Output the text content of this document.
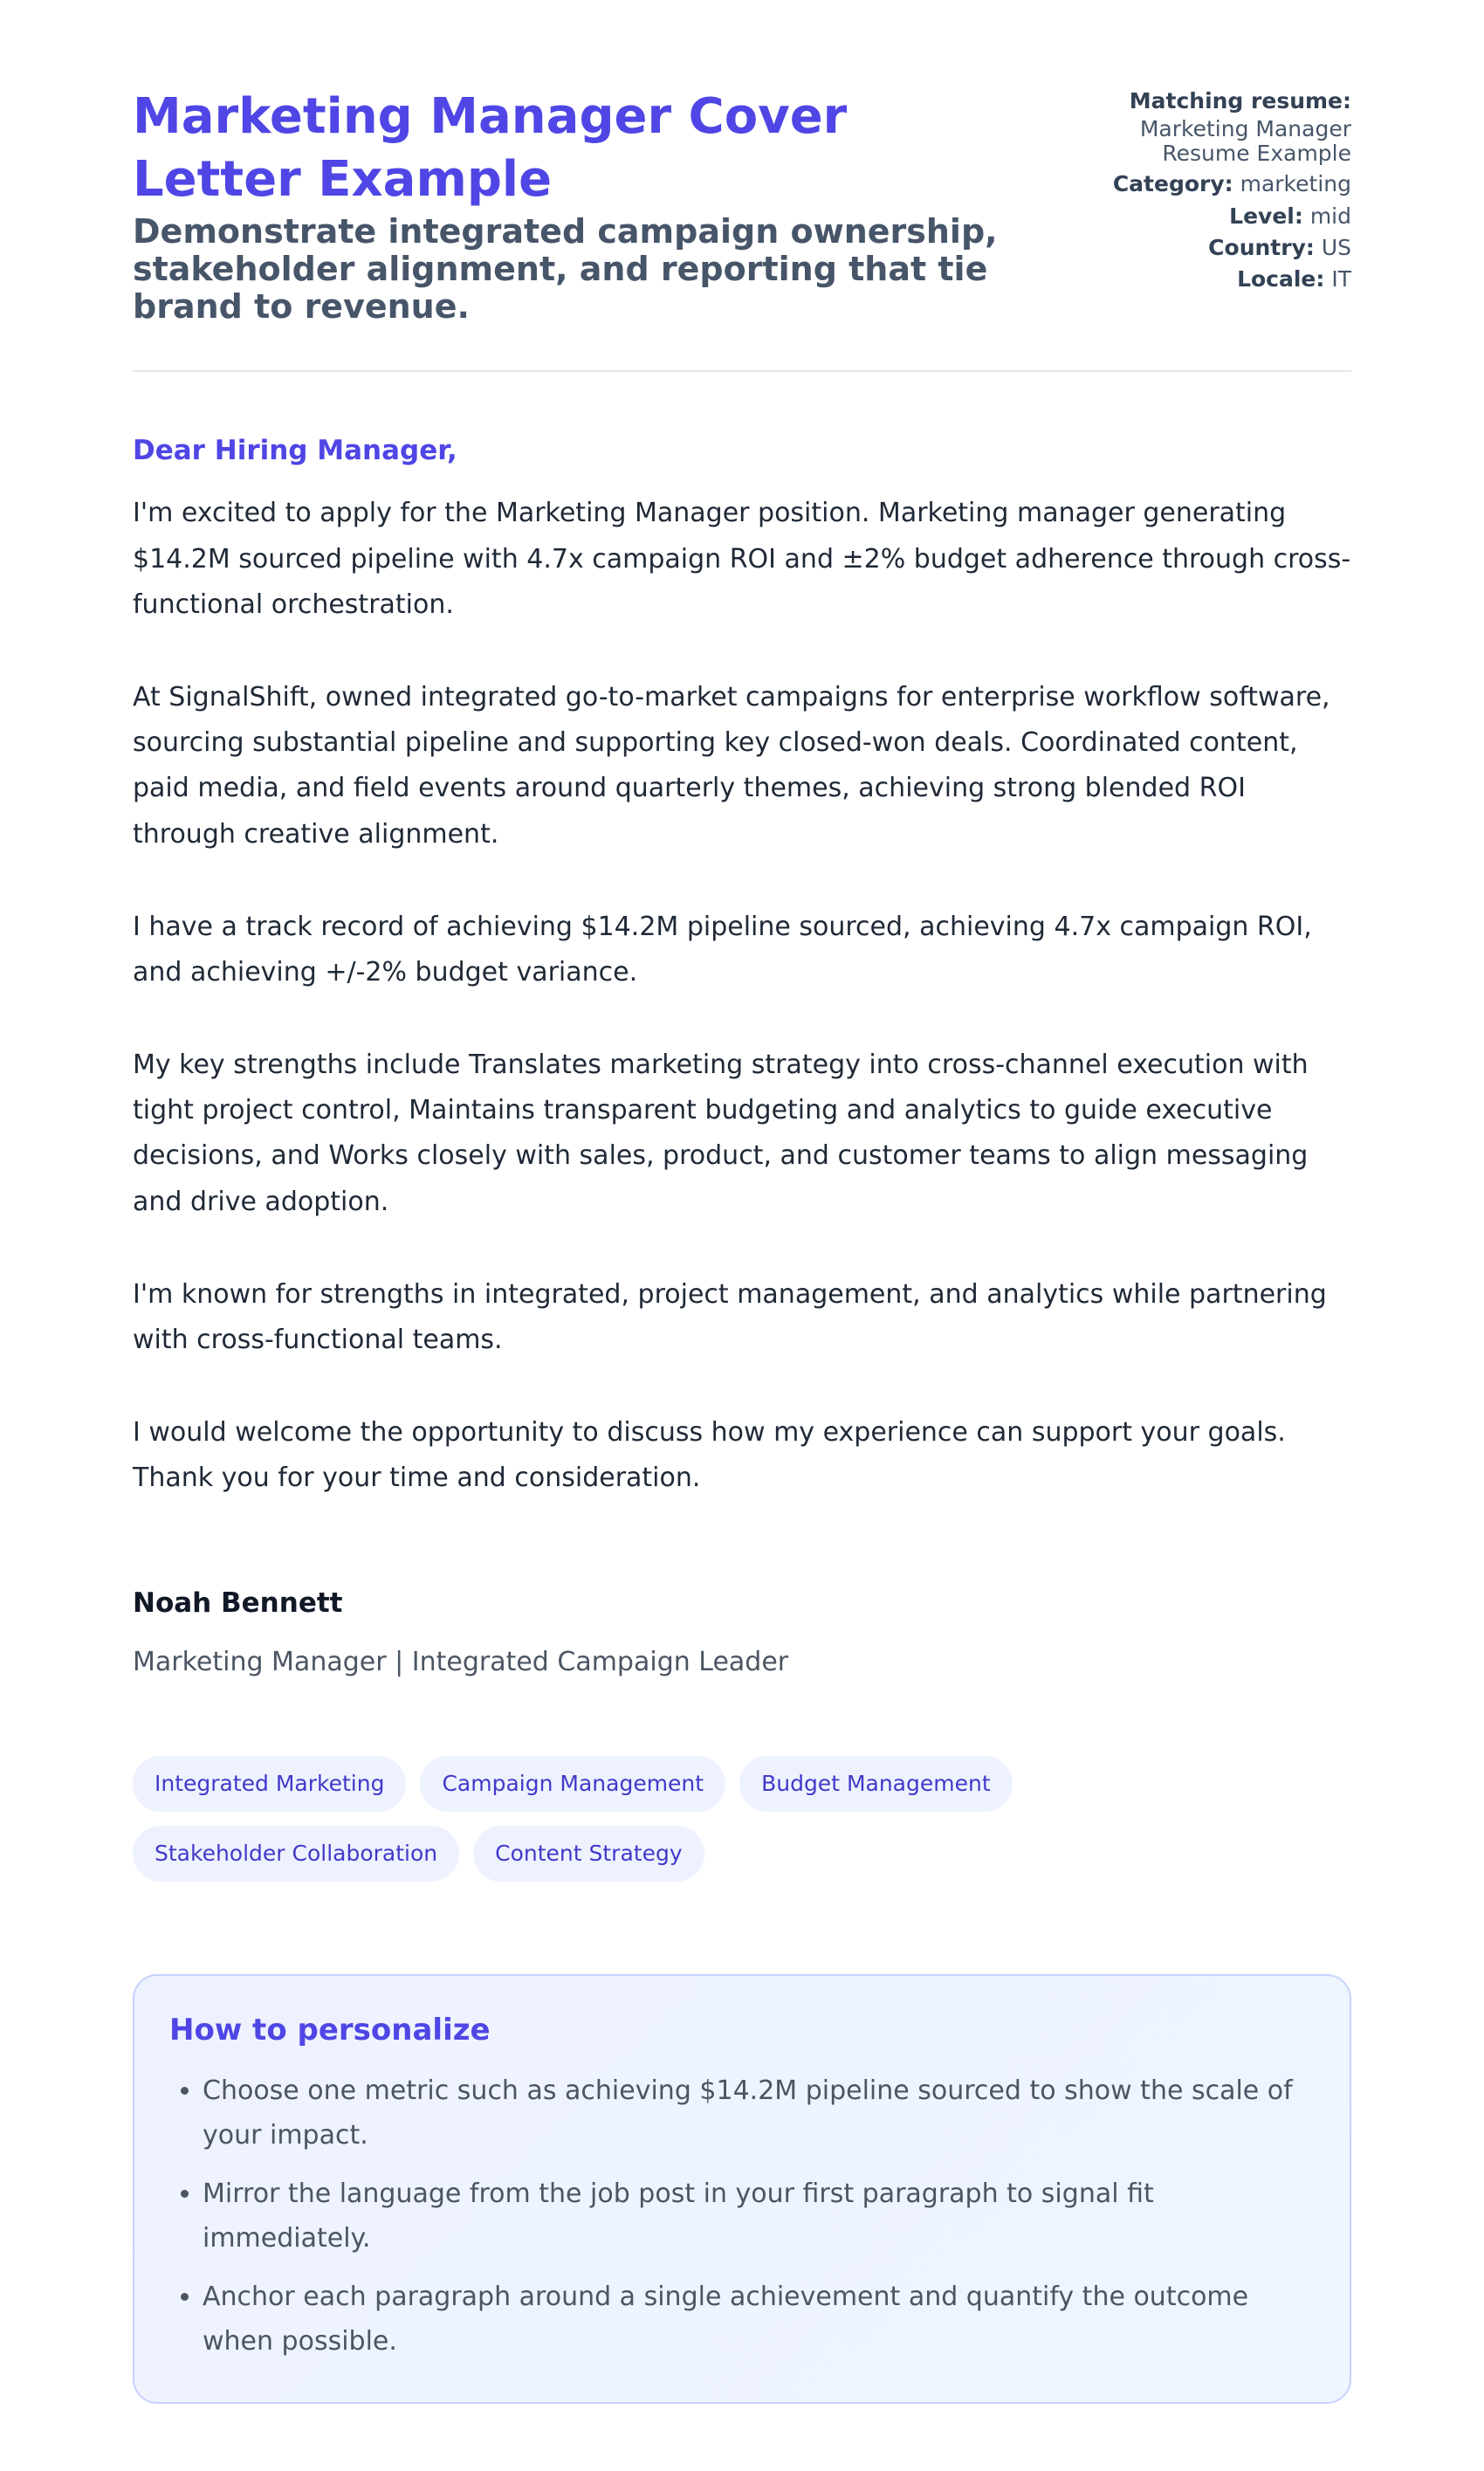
Marketing Manager Cover Letter Example
Demonstrate integrated campaign ownership, stakeholder alignment, and reporting that tie brand to revenue.

Matching resume:
Marketing Manager Resume Example

Category: marketing

Level: mid

Country: US

Locale: IT

Dear Hiring Manager,

I'm excited to apply for the Marketing Manager position. Marketing manager generating $14.2M sourced pipeline with 4.7x campaign ROI and ±2% budget adherence through cross-functional orchestration.

At SignalShift, owned integrated go-to-market campaigns for enterprise workflow software, sourcing substantial pipeline and supporting key closed-won deals. Coordinated content, paid media, and field events around quarterly themes, achieving strong blended ROI through creative alignment.

I have a track record of achieving $14.2M pipeline sourced, achieving 4.7x campaign ROI, and achieving +/-2% budget variance.

My key strengths include Translates marketing strategy into cross-channel execution with tight project control, Maintains transparent budgeting and analytics to guide executive decisions, and Works closely with sales, product, and customer teams to align messaging and drive adoption.

I'm known for strengths in integrated, project management, and analytics while partnering with cross-functional teams.

I would welcome the opportunity to discuss how my experience can support your goals. Thank you for your time and consideration.

Noah Bennett

Marketing Manager | Integrated Campaign Leader

Integrated Marketing	Campaign Management	Budget Management
Stakeholder Collaboration	Content Strategy
How to personalize
• Choose one metric such as achieving $14.2M pipeline sourced to show the scale of your impact.
• Mirror the language from the job post in your first paragraph to signal fit immediately.
• Anchor each paragraph around a single achievement and quantify the outcome when possible.
